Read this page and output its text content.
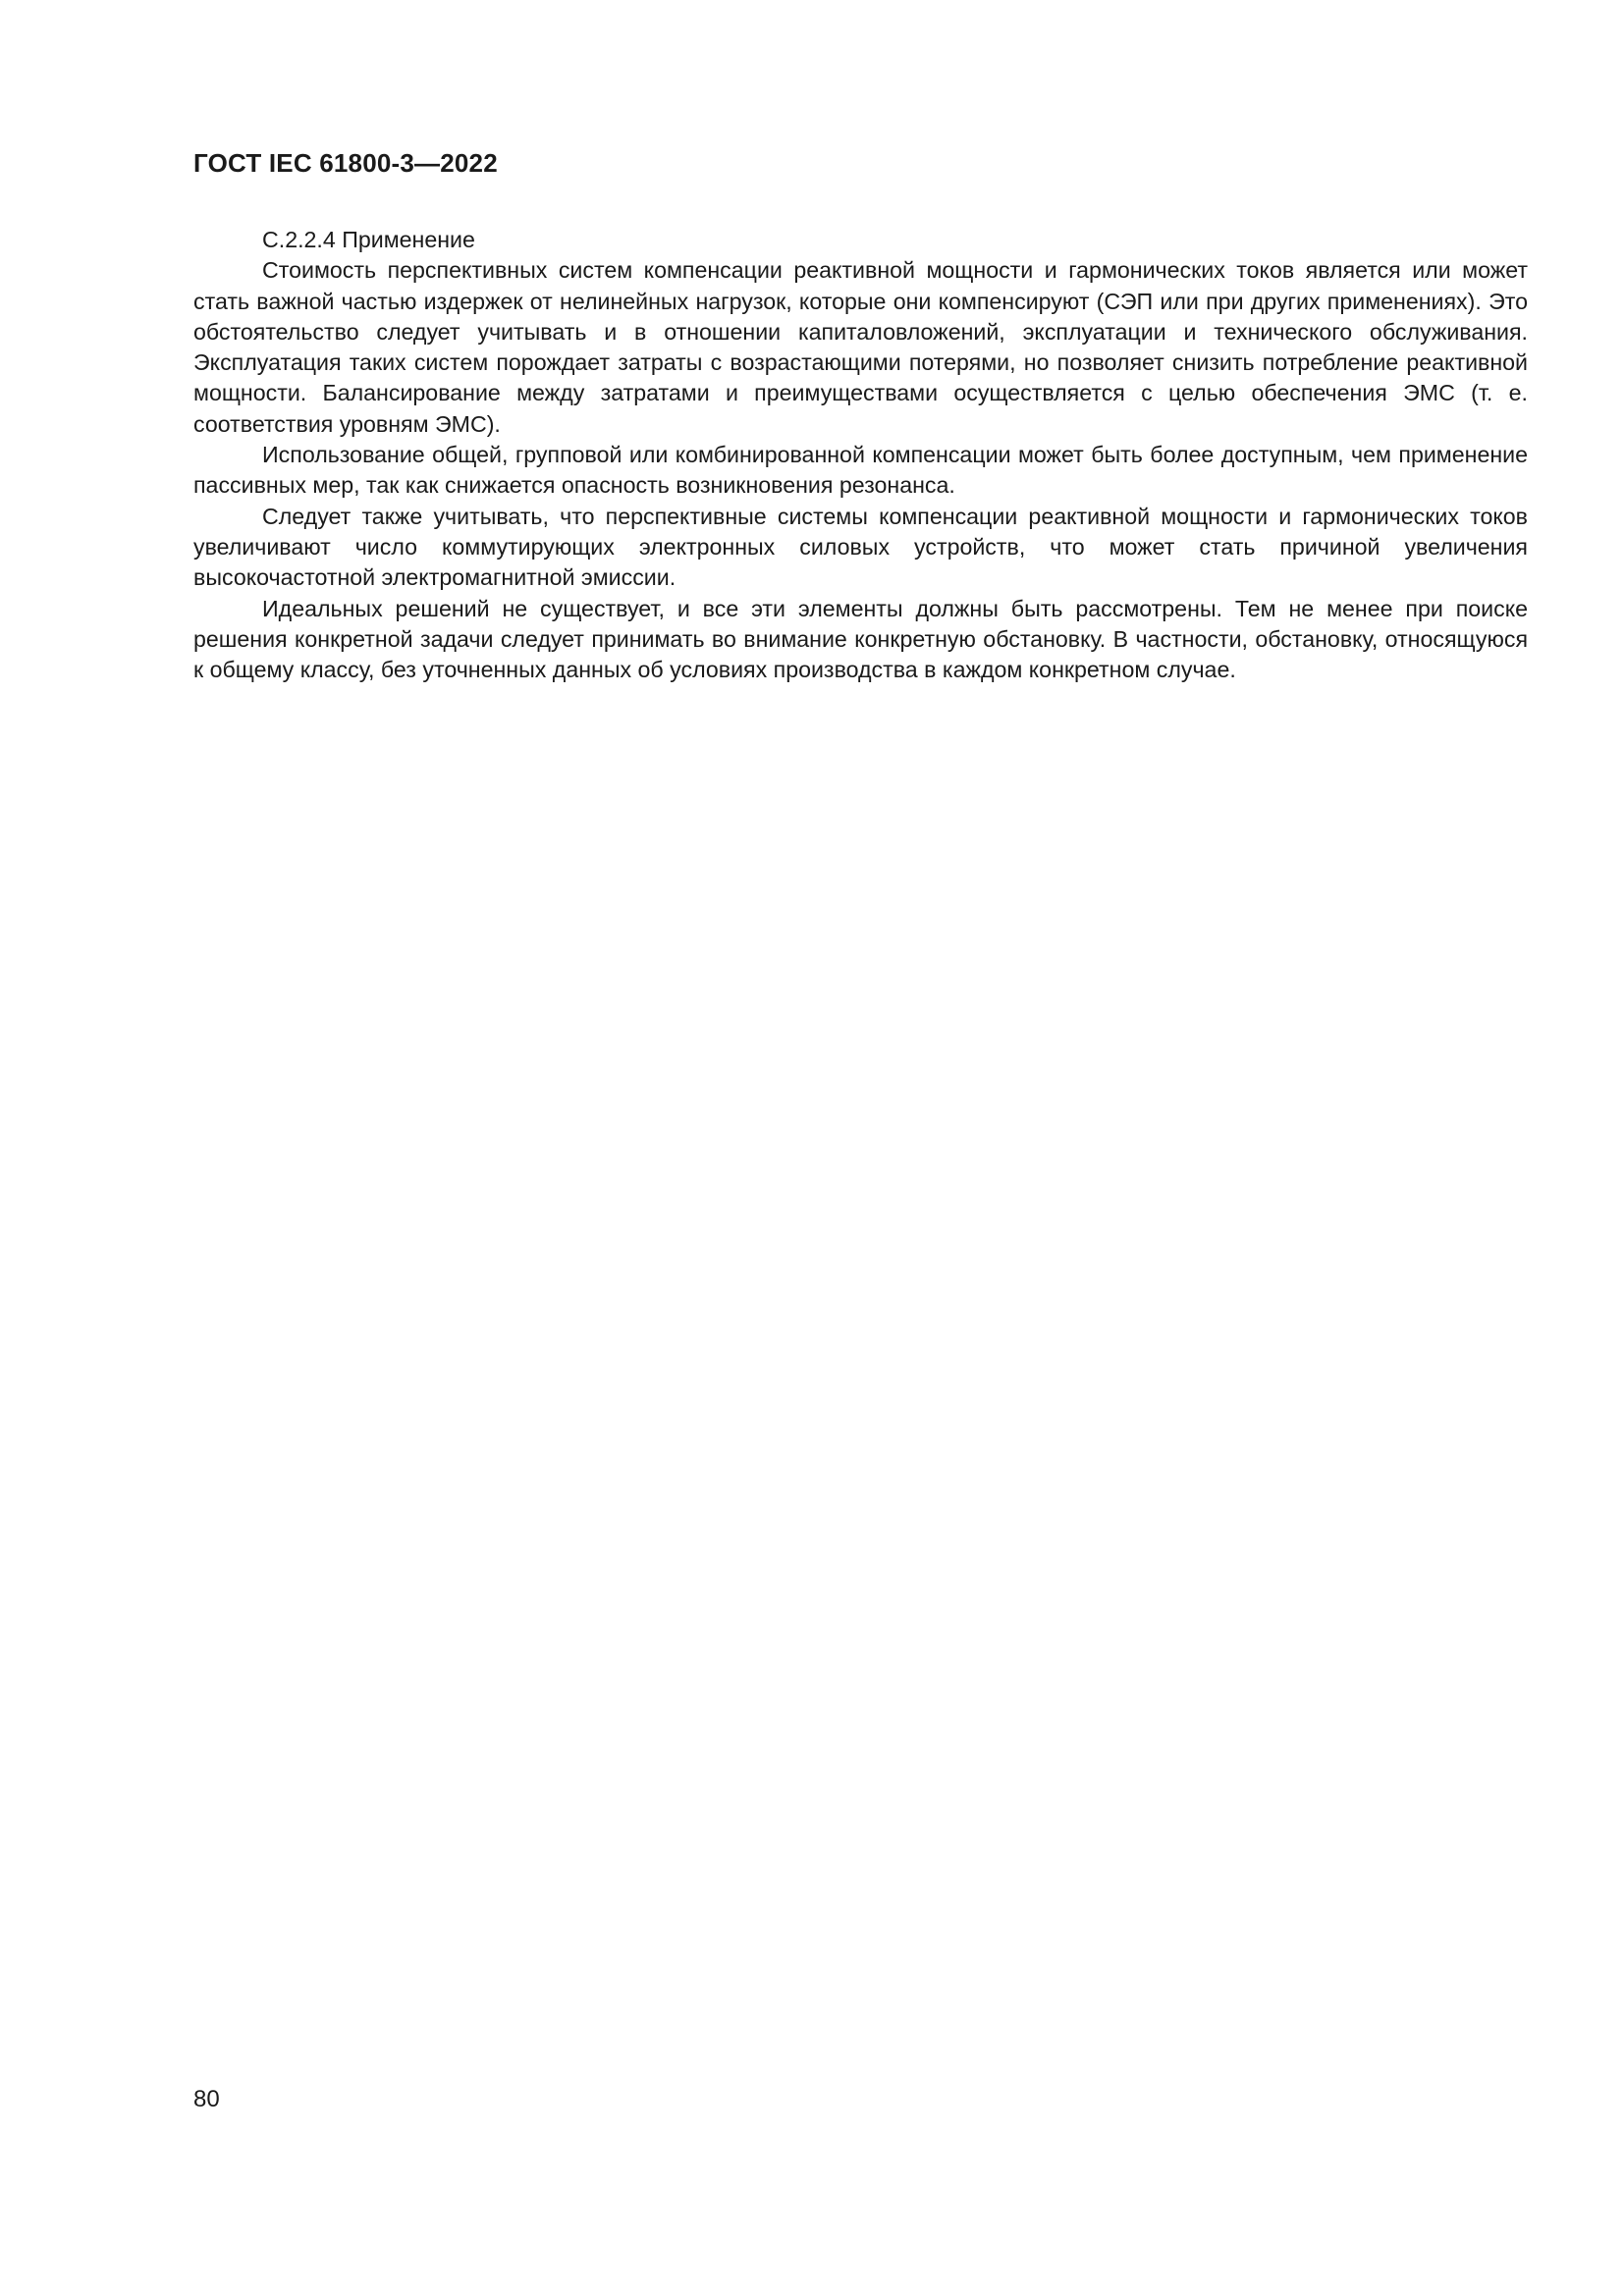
ГОСТ IEC 61800-3—2022

С.2.2.4 Применение

Стоимость перспективных систем компенсации реактивной мощности и гармонических токов является или может стать важной частью издержек от нелинейных нагрузок, которые они компенсируют (СЭП или при других применениях). Это обстоятельство следует учитывать и в отношении капиталовложений, эксплуатации и технического обслуживания. Эксплуатация таких систем порождает затраты с возрастающими потерями, но позволяет снизить потребление реактивной мощности. Балансирование между затратами и преимуществами осуществляется с целью обеспечения ЭМС (т. е. соответствия уровням ЭМС).

Использование общей, групповой или комбинированной компенсации может быть более доступным, чем применение пассивных мер, так как снижается опасность возникновения резонанса.

Следует также учитывать, что перспективные системы компенсации реактивной мощности и гармонических токов увеличивают число коммутирующих электронных силовых устройств, что может стать причиной увеличения высокочастотной электромагнитной эмиссии.

Идеальных решений не существует, и все эти элементы должны быть рассмотрены. Тем не менее при поиске решения конкретной задачи следует принимать во внимание конкретную обстановку. В частности, обстановку, относящуюся к общему классу, без уточненных данных об условиях производства в каждом конкретном случае.

80
